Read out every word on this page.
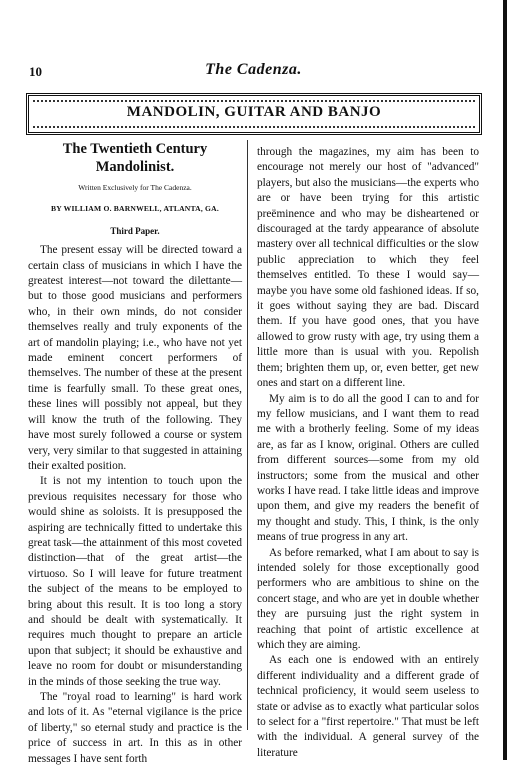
10	The Cadenza.
MANDOLIN, GUITAR AND BANJO
The Twentieth Century Mandolinist.

Written Exclusively for The Cadenza.

BY WILLIAM O. BARNWELL, ATLANTA, GA.

Third Paper.

The present essay will be directed toward a certain class of musicians in which I have the greatest interest—not toward the dilettante—but to those good musicians and performers who, in their own minds, do not consider themselves really and truly exponents of the art of mandolin playing; i.e., who have not yet made eminent concert performers of themselves. The number of these at the present time is fearfully small. To these great ones, these lines will possibly not appeal, but they will know the truth of the following. They have most surely followed a course or system very, very similar to that suggested in attaining their exalted position.

It is not my intention to touch upon the previous requisites necessary for those who would shine as soloists. It is presupposed the aspiring are technically fitted to undertake this great task—the attainment of this most coveted distinction—that of the great artist—the virtuoso. So I will leave for future treatment the subject of the means to be employed to bring about this result. It is too long a story and should be dealt with systematically. It requires much thought to prepare an article upon that subject; it should be exhaustive and leave no room for doubt or misunderstanding in the minds of those seeking the true way.

The "royal road to learning" is hard work and lots of it. As "eternal vigilance is the price of liberty," so eternal study and practice is the price of success in art. In this as in other messages I have sent forth

through the magazines, my aim has been to encourage not merely our host of "advanced" players, but also the musicians—the experts who are or have been trying for this artistic preëminence and who may be disheartened or discouraged at the tardy appearance of absolute mastery over all technical difficulties or the slow public appreciation to which they feel themselves entitled. To these I would say—maybe you have some old fashioned ideas. If so, it goes without saying they are bad. Discard them. If you have good ones, that you have allowed to grow rusty with age, try using them a little more than is usual with you. Repolish them; brighten them up, or, even better, get new ones and start on a different line.

My aim is to do all the good I can to and for my fellow musicians, and I want them to read me with a brotherly feeling. Some of my ideas are, as far as I know, original. Others are culled from different sources—some from my old instructors; some from the musical and other works I have read. I take little ideas and improve upon them, and give my readers the benefit of my thought and study. This, I think, is the only means of true progress in any art.

As before remarked, what I am about to say is intended solely for those exceptionally good performers who are ambitious to shine on the concert stage, and who are yet in double whether they are pursuing just the right system in reaching that point of artistic excellence at which they are aiming.

As each one is endowed with an entirely different individuality and a different grade of technical proficiency, it would seem useless to state or advise as to exactly what particular solos to select for a "first repertoire." That must be left with the individual. A general survey of the literature
